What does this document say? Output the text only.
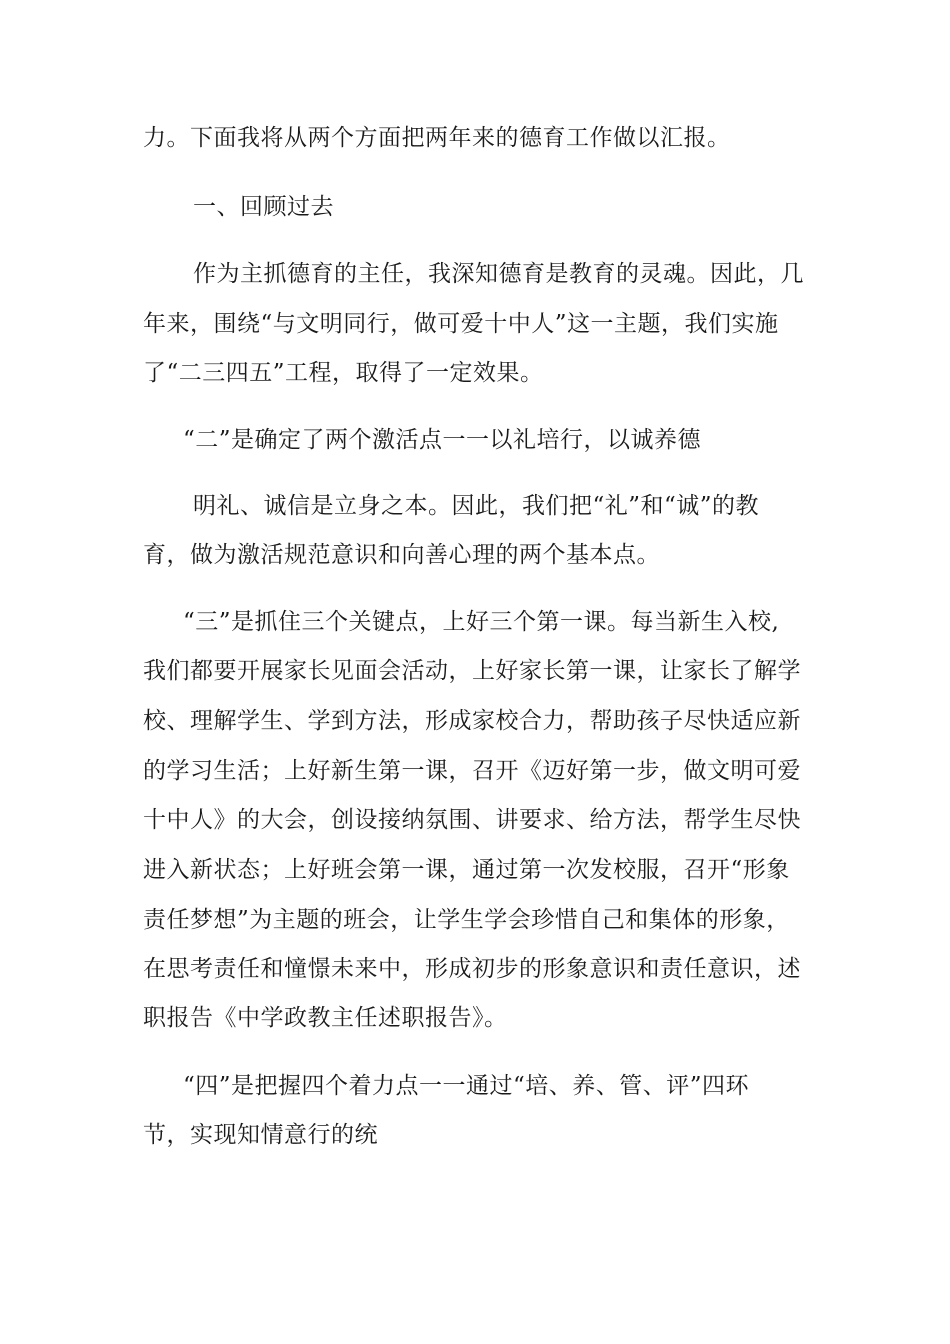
力。下面我将从两个方面把两年来的德育工作做以汇报。
一、回顾过去
作为主抓德育的主任，我深知德育是教育的灵魂。因此，几
年来，围绕“与文明同行，做可爱十中人”这一主题，我们实施
了“二三四五”工程，取得了一定效果。
“二”是确定了两个激活点一一以礼培行，以诚养德
明礼、诚信是立身之本。因此，我们把“礼”和“诚”的教
育，做为激活规范意识和向善心理的两个基本点。
“三”是抓住三个关键点，上好三个第一课。每当新生入校,
我们都要开展家长见面会活动，上好家长第一课，让家长了解学
校、理解学生、学到方法，形成家校合力，帮助孩子尽快适应新
的学习生活；上好新生第一课，召开《迈好第一步，做文明可爱
十中人》的大会，创设接纳氛围、讲要求、给方法，帮学生尽快
进入新状态；上好班会第一课，通过第一次发校服，召开“形象
责任梦想”为主题的班会，让学生学会珍惜自己和集体的形象，
在思考责任和憧憬未来中，形成初步的形象意识和责任意识，述
职报告《中学政教主任述职报告》。
“四”是把握四个着力点一一通过“培、养、管、评”四环
节，实现知情意行的统
